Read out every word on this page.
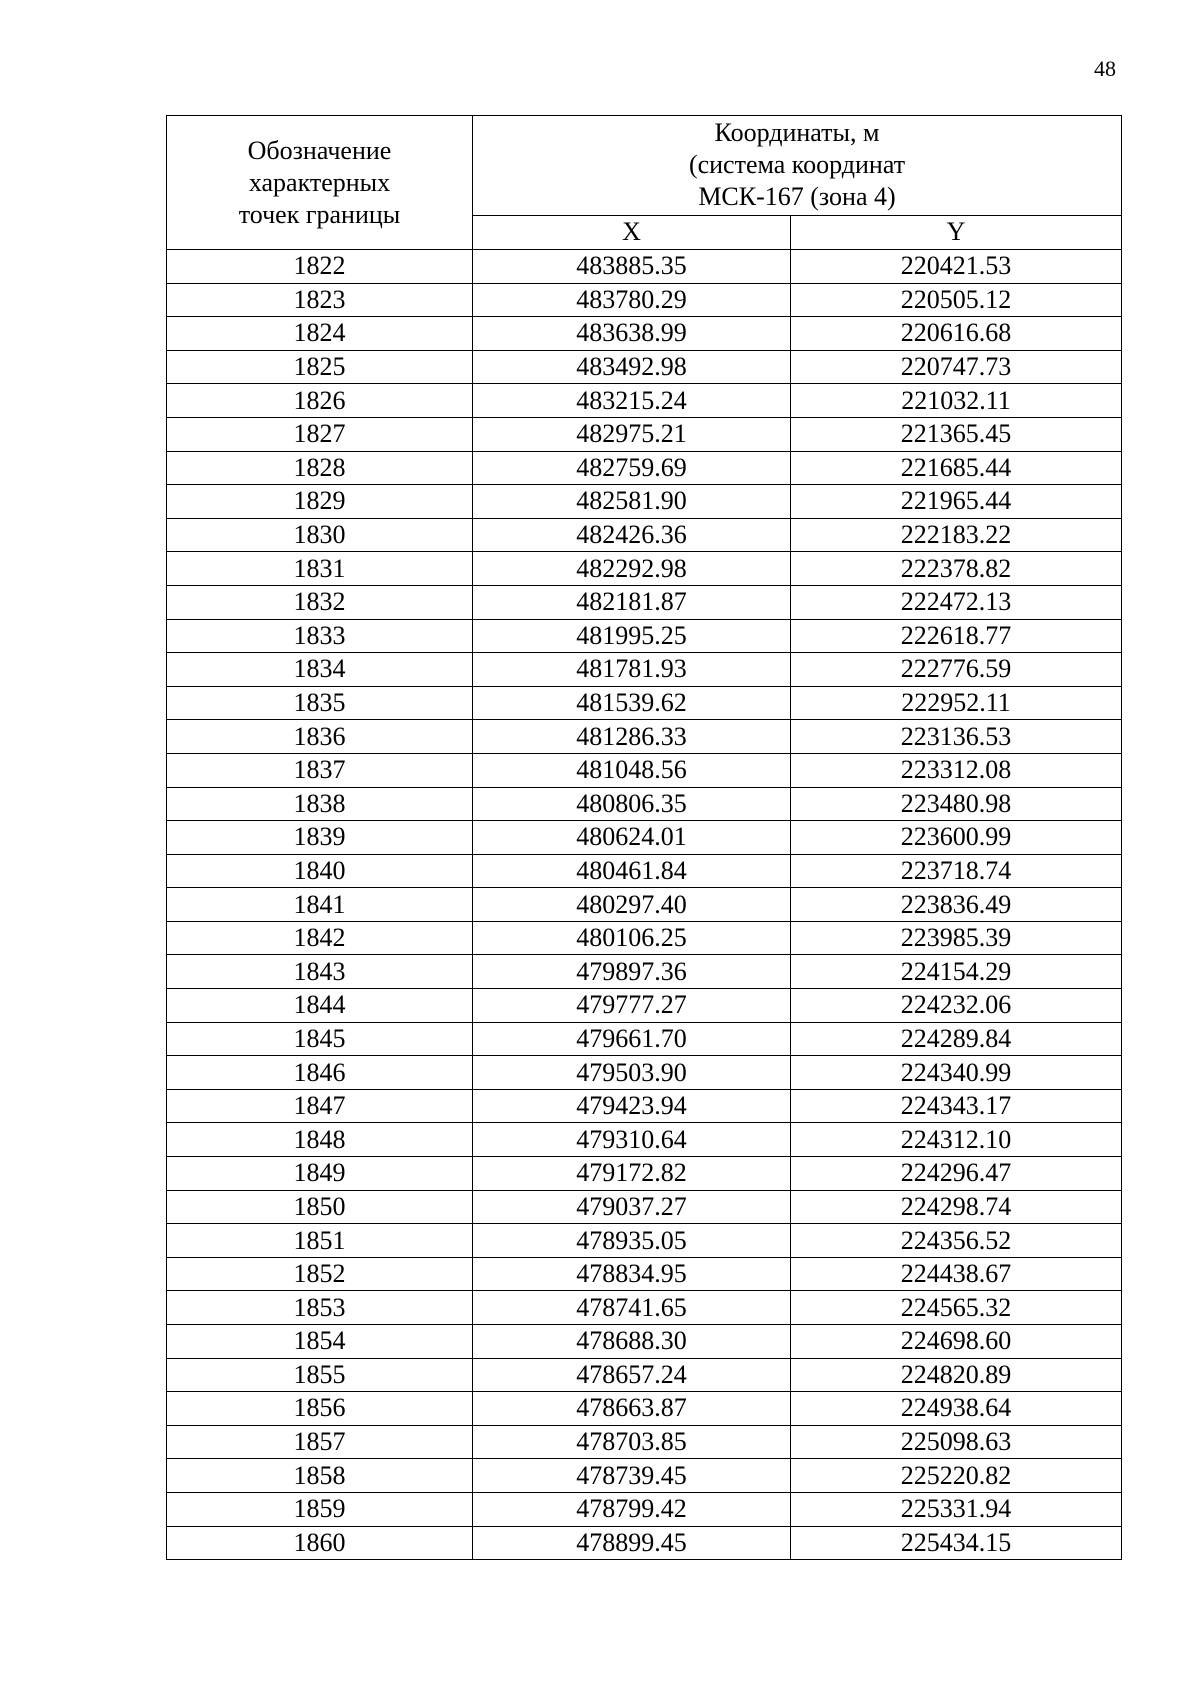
48
Обозначение
характерных
точек границы	Координаты, м
(система координат
МСК-167 (зона 4)	

	X	Y
1822	483885.35	220421.53
1823	483780.29	220505.12
1824	483638.99	220616.68
1825	483492.98	220747.73
1826	483215.24	221032.11
1827	482975.21	221365.45
1828	482759.69	221685.44
1829	482581.90	221965.44
1830	482426.36	222183.22
1831	482292.98	222378.82
1832	482181.87	222472.13
1833	481995.25	222618.77
1834	481781.93	222776.59
1835	481539.62	222952.11
1836	481286.33	223136.53
1837	481048.56	223312.08
1838	480806.35	223480.98
1839	480624.01	223600.99
1840	480461.84	223718.74
1841	480297.40	223836.49
1842	480106.25	223985.39
1843	479897.36	224154.29
1844	479777.27	224232.06
1845	479661.70	224289.84
1846	479503.90	224340.99
1847	479423.94	224343.17
1848	479310.64	224312.10
1849	479172.82	224296.47
1850	479037.27	224298.74
1851	478935.05	224356.52
1852	478834.95	224438.67
1853	478741.65	224565.32
1854	478688.30	224698.60
1855	478657.24	224820.89
1856	478663.87	224938.64
1857	478703.85	225098.63
1858	478739.45	225220.82
1859	478799.42	225331.94
1860	478899.45	225434.15
